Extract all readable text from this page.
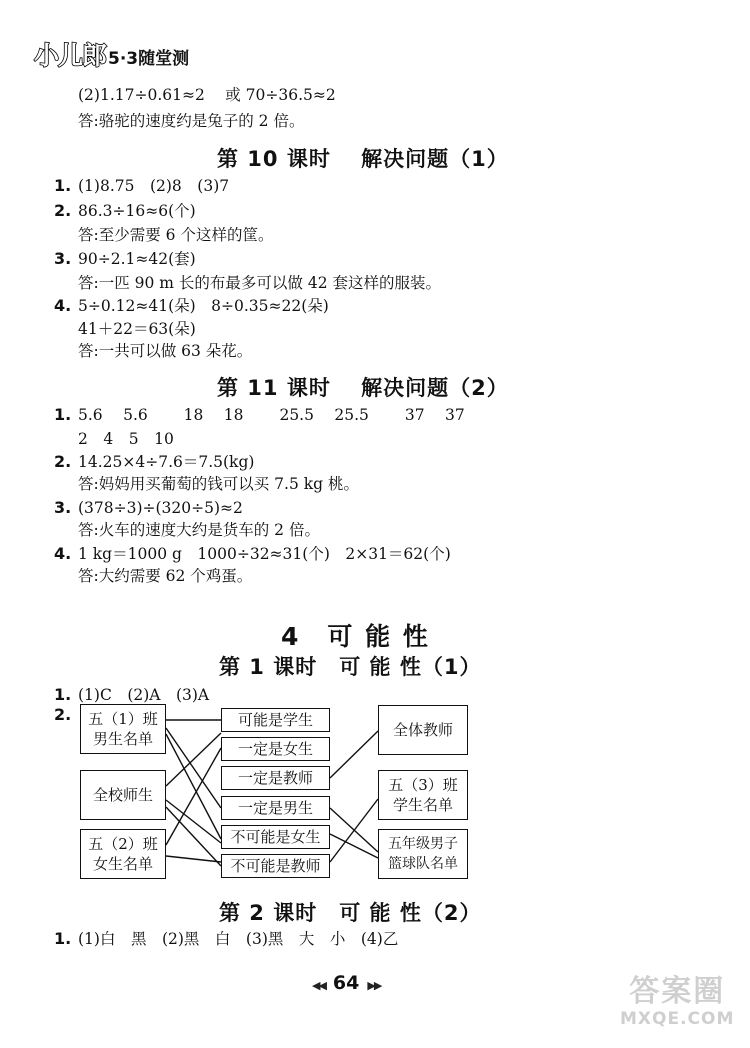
小儿郎 5·3随堂测
(2)1.17÷0.61≈2　 或 70÷36.5≈2
答:骆驼的速度约是兔子的 2 倍。
第 10 课时　 解决问题（1）
1. (1)8.75　(2)8　(3)7
2. 86.3÷16≈6(个)
答:至少需要 6 个这样的筐。
3. 90÷2.1≈42(套)
答:一匹 90 m 长的布最多可以做 42 套这样的服装。
4. 5÷0.12≈41(朵)　8÷0.35≈22(朵)
41＋22＝63(朵)
答:一共可以做 63 朵花。
第 11 课时　 解决问题（2）
1. 5.6　 5.6　　 18　 18　　 25.5　 25.5　　 37　 37
2　4　5　10
2. 14.25×4÷7.6＝7.5(kg)
答:妈妈用买葡萄的钱可以买 7.5 kg 桃。
3. (378÷3)÷(320÷5)≈2
答:火车的速度大约是货车的 2 倍。
4. 1 kg＝1000 g　1000÷32≈31(个)　2×31＝62(个)
答:大约需要 62 个鸡蛋。
4　可 能 性
第 1 课时　可 能 性（1）
1. (1)C　(2)A　(3)A
2.	五（1）班 男生名单
全校师生
五（2）班 女生名单
可能是学生
一定是女生
一定是教师
一定是男生
不可能是女生
不可能是教师
全体教师
五（3）班 学生名单
五年级男子 篮球队名单
第 2 课时　可 能 性（2）
1. (1)白　黑　(2)黑　白　(3)黑　大　小　(4)乙
◀◀ 64 ▶▶	答案圈
MXQE.COM
